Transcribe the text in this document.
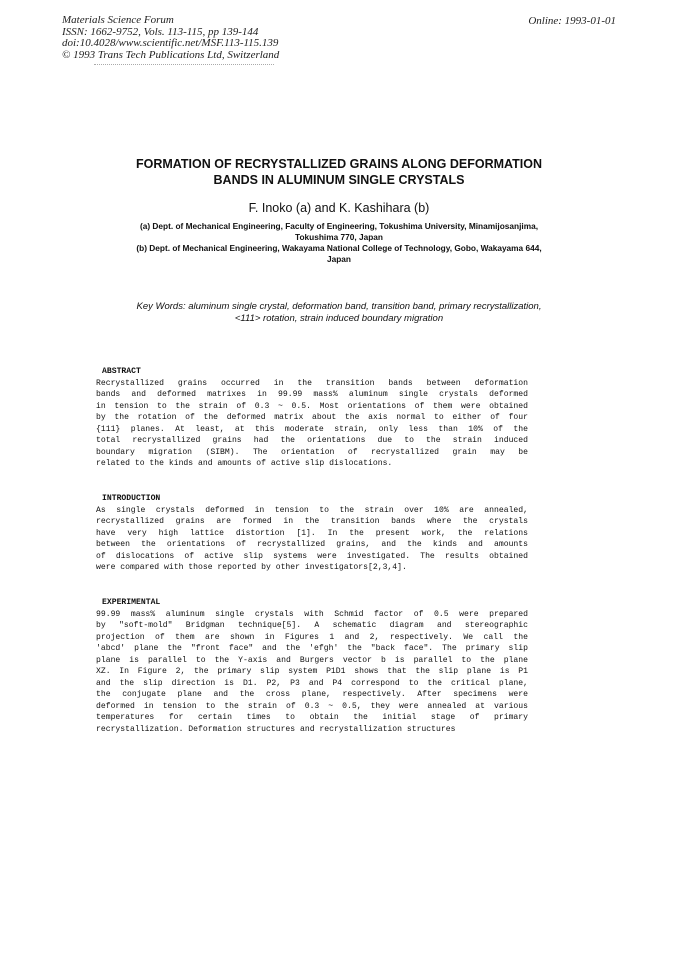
Materials Science Forum
ISSN: 1662-9752, Vols. 113-115, pp 139-144
doi:10.4028/www.scientific.net/MSF.113-115.139
© 1993 Trans Tech Publications Ltd, Switzerland
Online: 1993-01-01
FORMATION OF RECRYSTALLIZED GRAINS ALONG DEFORMATION
BANDS IN ALUMINUM SINGLE CRYSTALS
F. Inoko (a) and K. Kashihara (b)
(a) Dept. of Mechanical Engineering, Faculty of Engineering, Tokushima University, Minamijosanjima,
Tokushima 770, Japan
(b) Dept. of Mechanical Engineering, Wakayama National College of Technology, Gobo, Wakayama 644,
Japan
Key Words: aluminum single crystal, deformation band, transition band, primary recrystallization,
<111> rotation, strain induced boundary migration
ABSTRACT

Recrystallized grains occurred in the transition bands between deformation
bands and deformed matrixes in 99.99 mass% aluminum single crystals deformed
in tension to the strain of 0.3 ~ 0.5. Most orientations of them were obtained
by the rotation of the deformed matrix about the axis normal to either of four
{111} planes. At least, at this moderate strain, only less than 10% of the
total recrystallized grains had the orientations due to the strain induced
boundary migration (SIBM). The orientation of recrystallized grain may be
related to the kinds and amounts of active slip dislocations.

INTRODUCTION

As single crystals deformed in tension to the strain over 10% are annealed,
recrystallized grains are formed in the transition bands where the crystals
have very high lattice distortion [1]. In the present work, the relations
between the orientations of recrystallized grains, and the kinds and amounts
of dislocations of active slip systems were investigated. The results obtained
were compared with those reported by other investigators[2,3,4].

EXPERIMENTAL

99.99 mass% aluminum single crystals with Schmid factor of 0.5 were prepared
by "soft-mold" Bridgman technique[5]. A schematic diagram and stereographic
projection of them are shown in Figures 1 and 2, respectively. We call the
'abcd' plane the "front face" and the 'efgh' the "back face". The primary slip
plane is parallel to the Y-axis and Burgers vector b is parallel to the plane
XZ. In Figure 2, the primary slip system P1D1 shows that the slip plane is P1
and the slip direction is D1. P2, P3 and P4 correspond to the critical plane,
the conjugate plane and the cross plane, respectively. After specimens were
deformed in tension to the strain of 0.3 ~ 0.5, they were annealed at various
temperatures for certain times to obtain the initial stage of primary
recrystallization. Deformation structures and recrystallization structures
